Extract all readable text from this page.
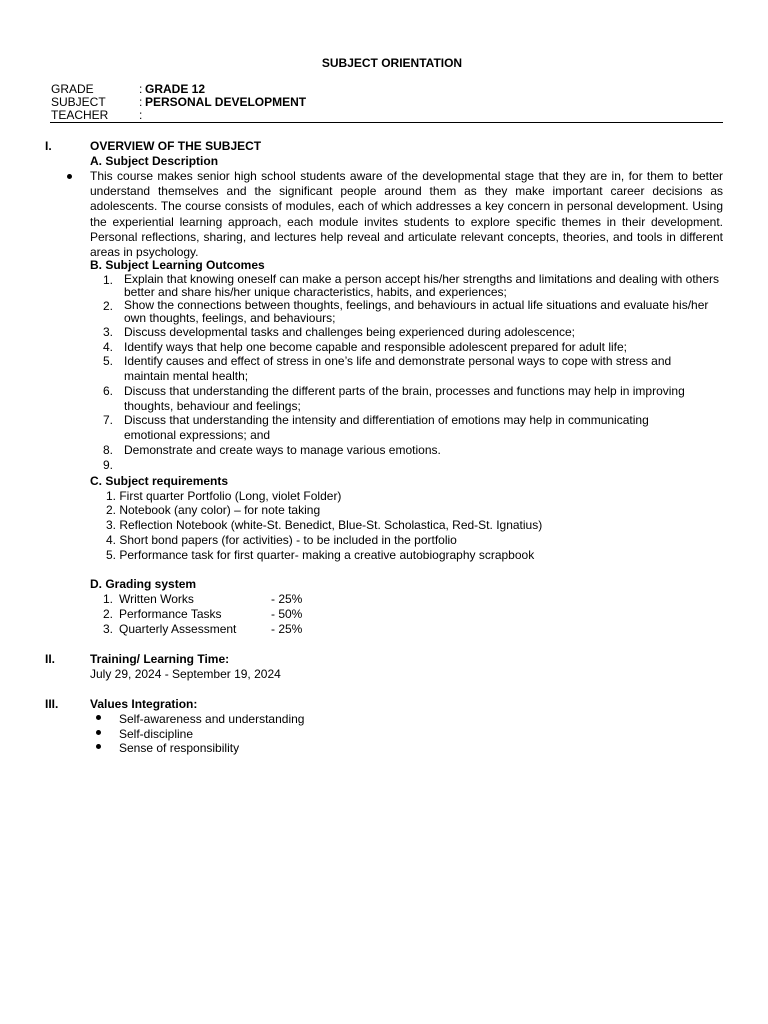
SUBJECT ORIENTATION
GRADE	: GRADE 12
SUBJECT	: PERSONAL DEVELOPMENT
TEACHER	:
I.	OVERVIEW OF THE SUBJECT
A. Subject Description
This course makes senior high school students aware of the developmental stage that they are in, for them to better understand themselves and the significant people around them as they make important career decisions as adolescents. The course consists of modules, each of which addresses a key concern in personal development. Using the experiential learning approach, each module invites students to explore specific themes in their development. Personal reflections, sharing, and lectures help reveal and articulate relevant concepts, theories, and tools in different areas in psychology.
B. Subject Learning Outcomes
1. Explain that knowing oneself can make a person accept his/her strengths and limitations and dealing with others better and share his/her unique characteristics, habits, and experiences;
2. Show the connections between thoughts, feelings, and behaviours in actual life situations and evaluate his/her own thoughts, feelings, and behaviours;
3. Discuss developmental tasks and challenges being experienced during adolescence;
4. Identify ways that help one become capable and responsible adolescent prepared for adult life;
5. Identify causes and effect of stress in one’s life and demonstrate personal ways to cope with stress and maintain mental health;
6. Discuss that understanding the different parts of the brain, processes and functions may help in improving thoughts, behaviour and feelings;
7. Discuss that understanding the intensity and differentiation of emotions may help in communicating emotional expressions; and
8. Demonstrate and create ways to manage various emotions.
9.
C. Subject requirements
1. First quarter Portfolio (Long, violet Folder)
2. Notebook (any color) – for note taking
3. Reflection Notebook (white-St. Benedict, Blue-St. Scholastica, Red-St. Ignatius)
4. Short bond papers (for activities) - to be included in the portfolio
5. Performance task for first quarter- making a creative autobiography scrapbook
D. Grading system
1. Written Works	- 25%
2. Performance Tasks	- 50%
3. Quarterly Assessment	- 25%
II.	Training/ Learning Time:
July 29, 2024 - September 19, 2024
III.	Values Integration:
Self-awareness and understanding
Self-discipline
Sense of responsibility
